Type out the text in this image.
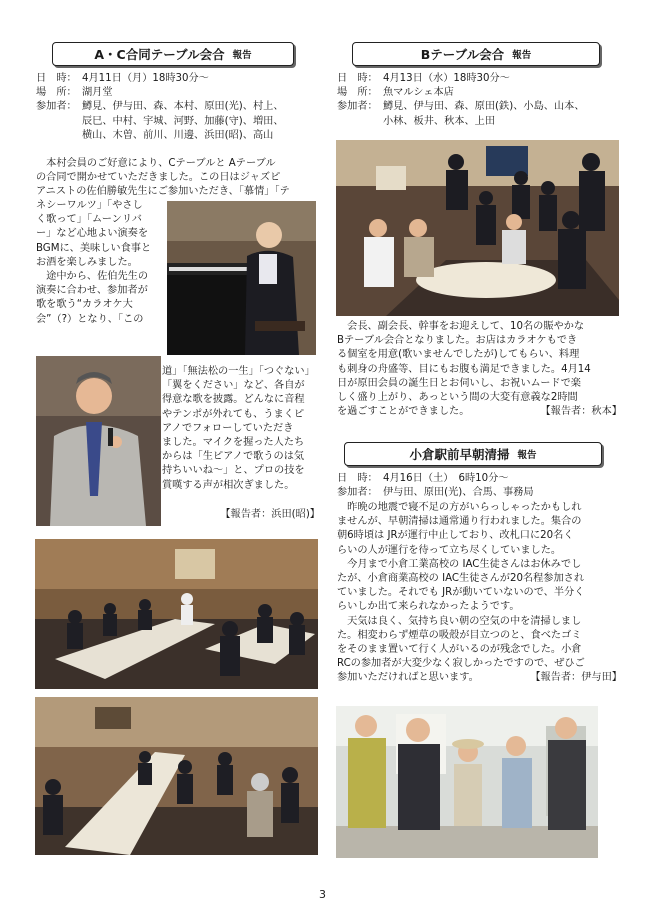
A・C合同テーブル会合 報告
日　時： 4月11日（月）18時30分〜
場　所： 湖月堂
参加者： 鱒見、伊与田、森、本村、原田(光)、村上、
辰巳、中村、宇城、河野、加藤(守)、増田、
横山、木曽、前川、川邊、浜田(昭)、高山
　本村会員のご好意により、Cテーブルと Aテーブル
の合同で開かせていただきました。この日はジャズピ
アニストの佐伯勝敏先生にご参加いただき、「慕情」「テ
ネシーワルツ」「やさし
く歌って」「ムーンリバ
ー」など心地よい演奏を
BGMに、美味しい食事と
お酒を楽しみました。
　途中から、佐伯先生の
演奏に合わせ、参加者が
歌を歌う“カラオケ大
会”（?）となり、「この
道」「無法松の一生」「つぐない」
「翼をください」など、各自が
得意な歌を披露。どんなに音程
やテンポが外れても、うまくピ
アノでフォローしていただき
ました。マイクを握った人たち
からは「生ピアノで歌うのは気
持ちいいね〜」と、プロの技を
賞嘆する声が相次ぎました。
【報告者：浜田(昭)】
Bテーブル会合 報告
日　時： 4月13日（水）18時30分〜
場　所： 魚マルシェ本店
参加者： 鱒見、伊与田、森、原田(鉄)、小島、山本、
小林、板井、秋本、上田
　会長、副会長、幹事をお迎えして、10名の賑やかな
Bテーブル会合となりました。お店はカラオケもでき
る個室を用意(歌いませんでしたが)してもらい、料理
も刺身の舟盛等、目にもお腹も満足できました。4月14
日が原田会員の誕生日とお伺いし、お祝いムードで楽
しく盛り上がり、あっという間の大変有意義な2時間
を過ごすことができました。	【報告者：秋本】
小倉駅前早朝清掃 報告
日　時： 4月16日（土）　6時10分〜
参加者： 伊与田、原田(光)、合馬、事務局
　昨晩の地震で寝不足の方がいらっしゃったかもしれ
ませんが、早朝清掃は通常通り行われました。集合の
朝6時頃は JRが運行中止しており、改札口に20名く
らいの人が運行を待って立ち尽くしていました。
　今月まで小倉工業高校の IAC生徒さんはお休みでし
たが、小倉商業高校の IAC生徒さんが20名程参加され
ていました。それでも JRが動いていないので、半分く
らいしか出て来られなかったようです。
　天気は良く、気持ち良い朝の空気の中を清掃しまし
た。相変わらず煙草の吸殻が目立つのと、食べたゴミ
をそのまま置いて行く人がいるのが残念でした。小倉
RCの参加者が大変少なく寂しかったですので、ぜひご
参加いただければと思います。	【報告者：伊与田】
3
